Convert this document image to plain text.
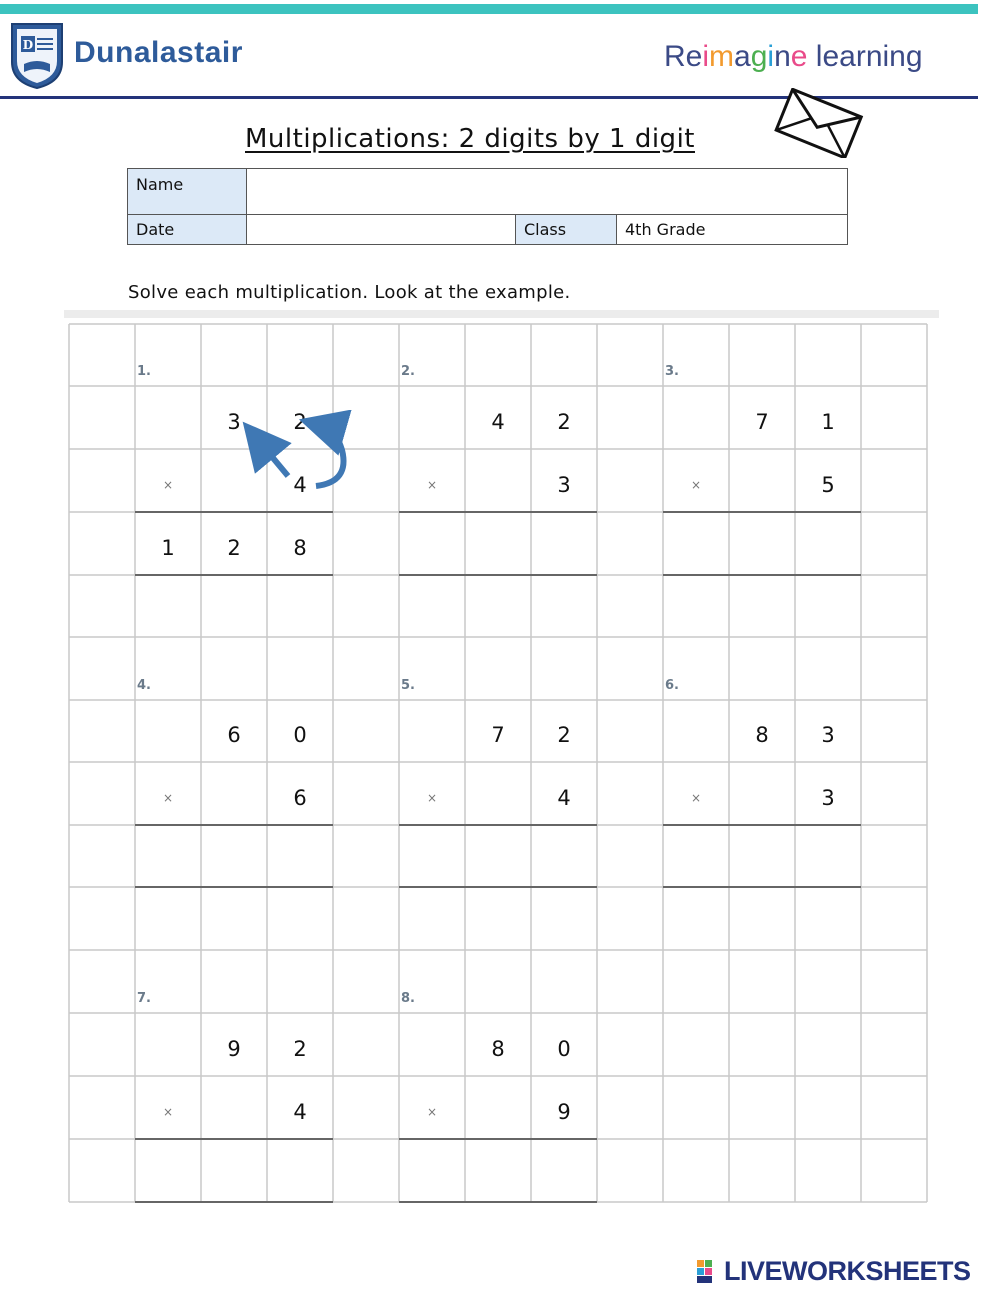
D Dunalastair	Reimagine learning
Multiplications: 2 digits by 1 digit
Name			
Date		Class	4th Grade
Solve each multiplication. Look at the example.
1.
3	2
×	4
1	2	8
2.
4	2
×	3
3.
7	1
×	5
4.
6	0
×	6
5.
7	2
×	4
6.
8	3
×	3
7.
9	2
×	4
8.
8	0
×	9
LIVEWORKSHEETS
